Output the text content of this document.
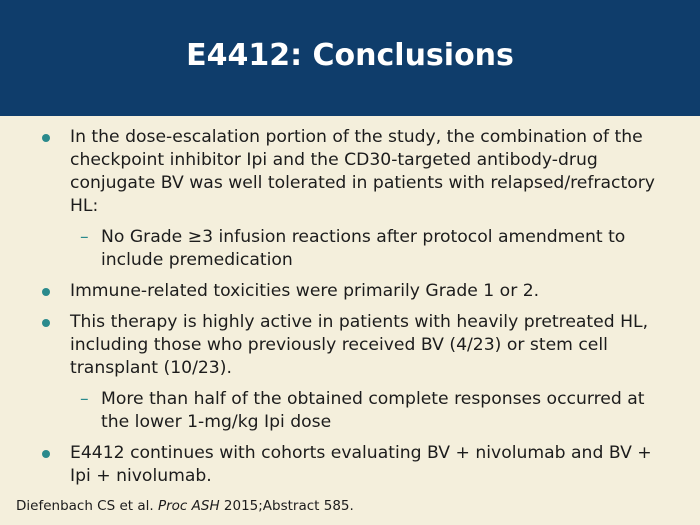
E4412: Conclusions
In the dose-escalation portion of the study, the combination of the checkpoint inhibitor Ipi and the CD30-targeted antibody-drug conjugate BV was well tolerated in patients with relapsed/refractory HL:
– No Grade ≥3 infusion reactions after protocol amendment to include premedication
Immune-related toxicities were primarily Grade 1 or 2.
This therapy is highly active in patients with heavily pretreated HL, including those who previously received BV (4/23) or stem cell transplant (10/23).
– More than half of the obtained complete responses occurred at the lower 1-mg/kg Ipi dose
E4412 continues with cohorts evaluating BV + nivolumab and BV + Ipi + nivolumab.
Diefenbach CS et al. Proc ASH 2015;Abstract 585.
